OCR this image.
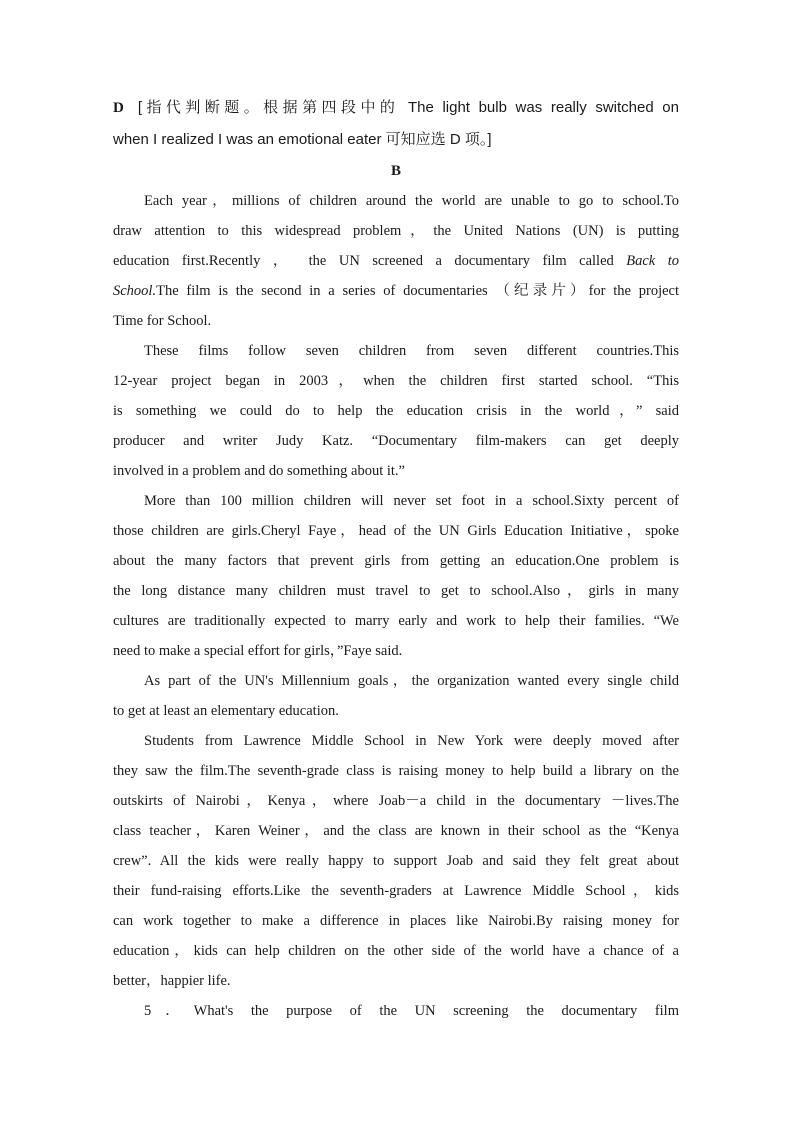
D [指代判断题。根据第四段中的 The light bulb was really switched on
when I realized I was an emotional eater 可知应选 D 项。]
B
Each year，millions of children around the world are unable to go to school.To
draw attention to this widespread problem，the United Nations (UN) is putting
education first.Recently ， the UN screened a documentary film called Back to
School.The film is the second in a series of documentaries （纪录片）for the project
Time for School.
These films follow seven children from seven different countries.This
12-year project began in 2003，when the children first started school. “This
is something we could do to help the education crisis in the world，” said
producer and writer Judy Katz. “Documentary film-makers can get deeply
involved in a problem and do something about it.”
More than 100 million children will never set foot in a school.Sixty percent of
those children are girls.Cheryl Faye，head of the UN Girls Education Initiative，spoke
about the many factors that prevent girls from getting an education.One problem is
the long distance many children must travel to get to school.Also，girls in many
cultures are traditionally expected to marry early and work to help their families. “We
need to make a special effort for girls，”Faye said.
As part of the UN's Millennium goals，the organization wanted every single child
to get at least an elementary education.
Students from Lawrence Middle School in New York were deeply moved after
they saw the film.The seventh-grade class is raising money to help build a library on the
outskirts of Nairobi，Kenya，where Joab－a child in the documentary －lives.The
class teacher，Karen Weiner，and the class are known in their school as the “Kenya
crew”. All the kids were really happy to support Joab and said they felt great about
their fund-raising efforts.Like the seventh-graders at Lawrence Middle School，kids
can work together to make a difference in places like Nairobi.By raising money for
education，kids can help children on the other side of the world have a chance of a
better，happier life.
5．What's the purpose of the UN screening the documentary film
